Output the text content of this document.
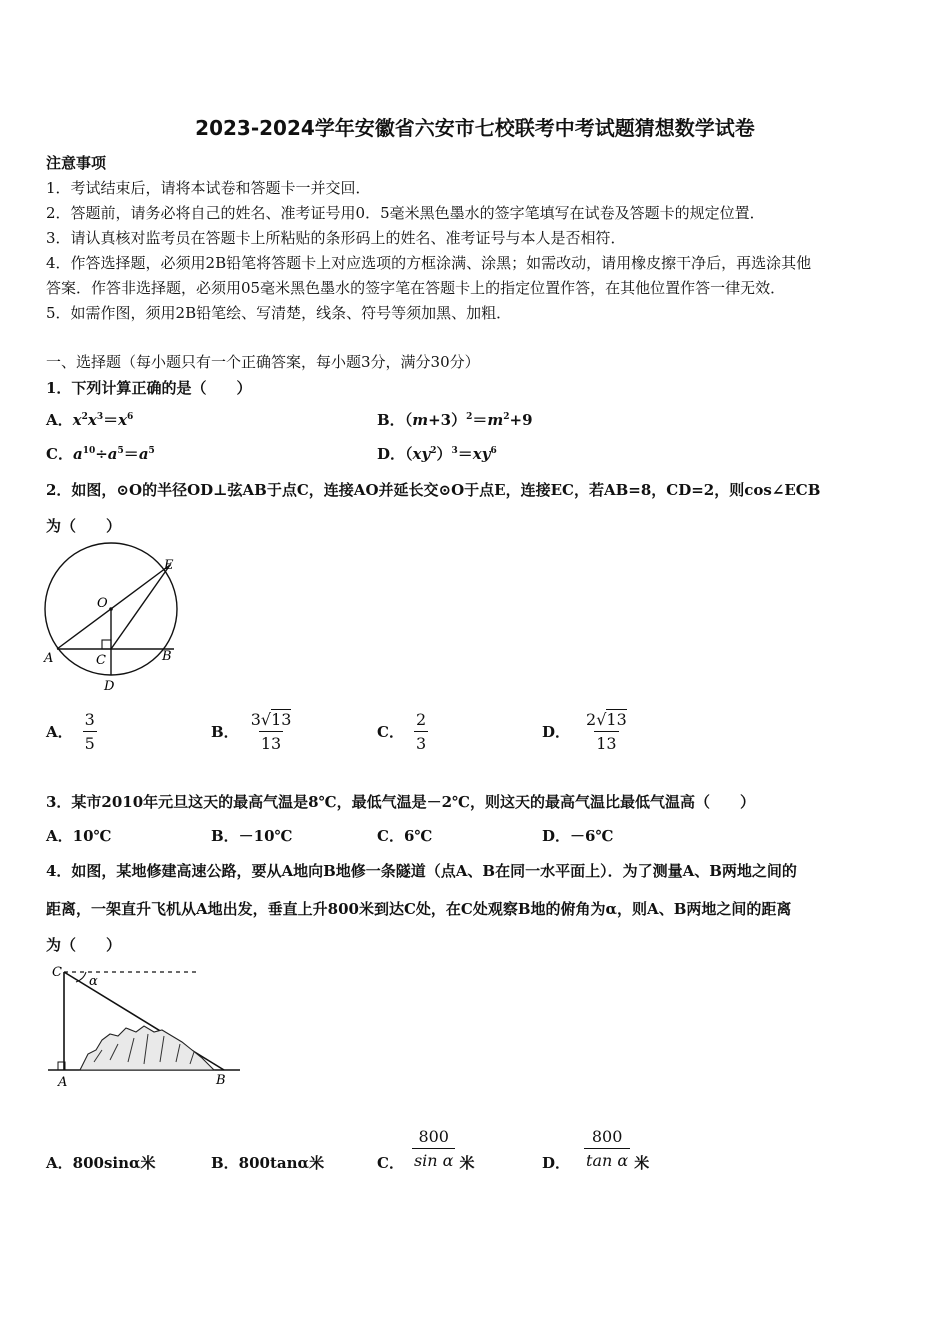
2023-2024学年安徽省六安市七校联考中考试题猜想数学试卷
注意事项
1．考试结束后，请将本试卷和答题卡一并交回．
2．答题前，请务必将自己的姓名、准考证号用0．5毫米黑色墨水的签字笔填写在试卷及答题卡的规定位置．
3．请认真核对监考员在答题卡上所粘贴的条形码上的姓名、准考证号与本人是否相符．
4．作答选择题，必须用2B铅笔将答题卡上对应选项的方框涂满、涂黑；如需改动，请用橡皮擦干净后，再选涂其他
答案．作答非选择题，必须用05毫米黑色墨水的签字笔在答题卡上的指定位置作答，在其他位置作答一律无效．
5．如需作图，须用2B铅笔绘、写清楚，线条、符号等须加黑、加粗．
一、选择题（每小题只有一个正确答案，每小题3分，满分30分）
1．下列计算正确的是（　　）
A．$x^2x^3=x^6$	B．$(m+3)^2=m^2+9$
C．$a^{10}\div a^5=a^5$	D．$(xy^2)^3=xy^6$
2．如图，⊙O的半径OD⊥弦AB于点C，连接AO并延长交⊙O于点E，连接EC，若AB=8，CD=2，则cos∠ECB
为（　　）
E
O
A	C	B
D
A． $\frac{3}{5}$	B． $\frac{3√13}{13}$	C． $\frac{2}{3}$	D． $\frac{2√13}{13}$
3．某市2010年元旦这天的最高气温是8℃，最低气温是－2℃，则这天的最高气温比最低气温高（　　）
A．10℃	B．－10℃	C．6℃	D．－6℃
4．如图，某地修建高速公路，要从A地向B地修一条隧道（点A、B在同一水平面上）．为了测量A、B两地之间的
距离，一架直升飞机从A地出发，垂直上升800米到达C处，在C处观察B地的俯角为α，则A、B两地之间的距离
为（　　）
C
α
A	B
A．800sinα米	B．800tanα米	C． $\frac{800}{\text{sin α}}$ 米	D． $\frac{800}{\text{tan α}}$ 米
